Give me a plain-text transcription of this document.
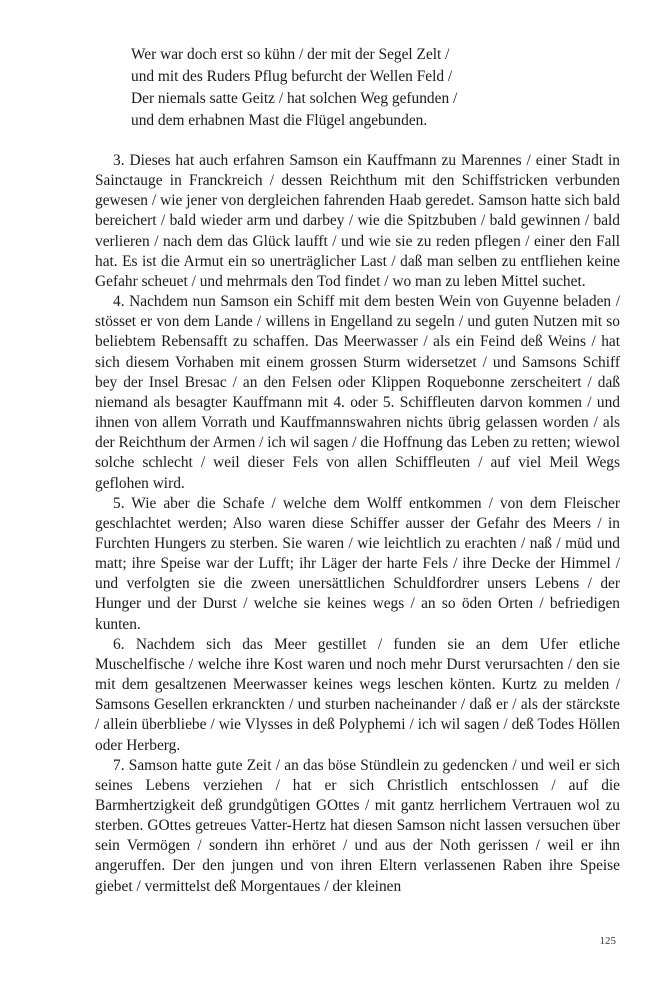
Wer war doch erst so kühn / der mit der Segel Zelt /
und mit des Ruders Pflug befurcht der Wellen Feld /
Der niemals satte Geitz / hat solchen Weg gefunden /
und dem erhabnen Mast die Flügel angebunden.

3. Dieses hat auch erfahren Samson ein Kauffmann zu Marennes / einer Stadt in Sainctauge in Franckreich / dessen Reichthum mit den Schiffstricken verbunden gewesen / wie jener von dergleichen fahrenden Haab geredet. Samson hatte sich bald bereichert / bald wieder arm und darbey / wie die Spitzbuben / bald gewinnen / bald verlieren / nach dem das Glück laufft / und wie sie zu reden pflegen / einer den Fall hat. Es ist die Armut ein so unerträglicher Last / daß man selben zu entfliehen keine Gefahr scheuet / und mehrmals den Tod findet / wo man zu leben Mittel suchet.

4. Nachdem nun Samson ein Schiff mit dem besten Wein von Guyenne beladen / stösset er von dem Lande / willens in Engelland zu segeln / und guten Nutzen mit so beliebtem Rebensafft zu schaffen. Das Meerwasser / als ein Feind deß Weins / hat sich diesem Vorhaben mit einem grossen Sturm widersetzet / und Samsons Schiff bey der Insel Bresac / an den Felsen oder Klippen Roquebonne zerscheitert / daß niemand als besagter Kauffmann mit 4. oder 5. Schiffleuten darvon kommen / und ihnen von allem Vorrath und Kauffmannswahren nichts übrig gelassen worden / als der Reichthum der Armen / ich wil sagen / die Hoffnung das Leben zu retten; wiewol solche schlecht / weil dieser Fels von allen Schiffleuten / auf viel Meil Wegs geflohen wird.

5. Wie aber die Schafe / welche dem Wolff entkommen / von dem Fleischer geschlachtet werden; Also waren diese Schiffer ausser der Gefahr des Meers / in Furchten Hungers zu sterben. Sie waren / wie leichtlich zu erachten / naß / müd und matt; ihre Speise war der Lufft; ihr Läger der harte Fels / ihre Decke der Himmel / und verfolgten sie die zween unersättlichen Schuldfordrer unsers Lebens / der Hunger und der Durst / welche sie keines wegs / an so öden Orten / befriedigen kunten.

6. Nachdem sich das Meer gestillet / funden sie an dem Ufer etliche Muschelfische / welche ihre Kost waren und noch mehr Durst verursachten / den sie mit dem gesaltzenen Meerwasser keines wegs leschen könten. Kurtz zu melden / Samsons Gesellen erkranckten / und sturben nacheinander / daß er / als der stärckste / allein überbliebe / wie Vlysses in deß Polyphemi / ich wil sagen / deß Todes Höllen oder Herberg.

7. Samson hatte gute Zeit / an das böse Stündlein zu gedencken / und weil er sich seines Lebens verziehen / hat er sich Christlich entschlossen / auf die Barmhertzigkeit deß grundgůtigen GOttes / mit gantz herrlichem Vertrauen wol zu sterben. GOttes getreues Vatter-Hertz hat diesen Samson nicht lassen versuchen über sein Vermögen / sondern ihn erhöret / und aus der Noth gerissen / weil er ihn angeruffen. Der den jungen und von ihren Eltern verlassenen Raben ihre Speise giebet / vermittelst deß Morgentaues / der kleinen

125
